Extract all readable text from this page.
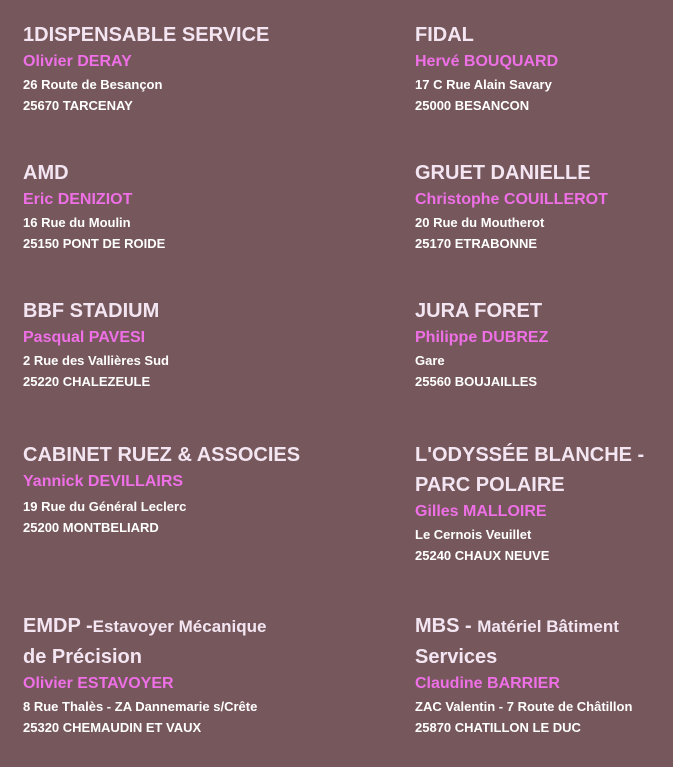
1DISPENSABLE SERVICE

Olivier DERAY

26 Route de Besançon

25670 TARCENAY

FIDAL

Hervé BOUQUARD

17 C Rue Alain Savary

25000 BESANCON

AMD

Eric DENIZIOT

16 Rue du Moulin

25150 PONT DE ROIDE

GRUET DANIELLE

Christophe COUILLEROT

20 Rue du Moutherot

25170 ETRABONNE

BBF STADIUM

Pasqual PAVESI

2 Rue des Vallières Sud

25220 CHALEZEULE

JURA FORET

Philippe DUBREZ

Gare

25560 BOUJAILLES

CABINET RUEZ & ASSOCIES

Yannick DEVILLAIRS

19 Rue du Général Leclerc

25200 MONTBELIARD

L'ODYSSÉE BLANCHE -

PARC POLAIRE

Gilles MALLOIRE

Le Cernois Veuillet

25240 CHAUX NEUVE

EMDP -Estavoyer Mécanique

de Précision

Olivier ESTAVOYER

8 Rue Thalès - ZA Dannemarie s/Crête

25320 CHEMAUDIN ET VAUX

MBS - Matériel Bâtiment

Services

Claudine BARRIER

ZAC Valentin - 7 Route de Châtillon

25870 CHATILLON LE DUC
